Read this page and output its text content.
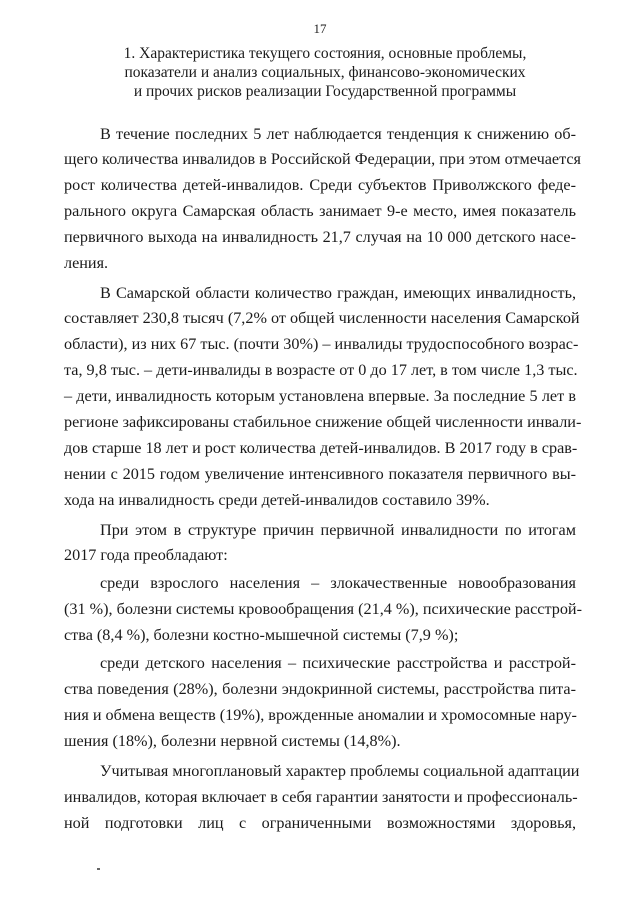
17
1. Характеристика текущего состояния, основные проблемы,
показатели и анализ социальных, финансово-экономических
и прочих рисков реализации Государственной программы
В течение последних 5 лет наблюдается тенденция к снижению об-
щего количества инвалидов в Российской Федерации, при этом отмечается
рост количества детей-инвалидов. Среди субъектов Приволжского феде-
рального округа Самарская область занимает 9-е место, имея показатель
первичного выхода на инвалидность 21,7 случая на 10 000 детского насе-
ления.
В Самарской области количество граждан, имеющих инвалидность,
составляет 230,8 тысяч (7,2% от общей численности населения Самарской
области), из них 67 тыс. (почти 30%) – инвалиды трудоспособного возрас-
та, 9,8 тыс. – дети-инвалиды в возрасте от 0 до 17 лет, в том числе 1,3 тыс.
– дети, инвалидность которым установлена впервые. За последние 5 лет в
регионе зафиксированы стабильное снижение общей численности инвали-
дов старше 18 лет и рост количества детей-инвалидов. В 2017 году в срав-
нении с 2015 годом увеличение интенсивного показателя первичного вы-
хода на инвалидность среди детей-инвалидов составило 39%.
При этом в структуре причин первичной инвалидности по итогам
2017 года преобладают:
среди взрослого населения – злокачественные новообразования
(31 %), болезни системы кровообращения (21,4 %), психические расстрой-
ства (8,4 %), болезни костно-мышечной системы (7,9 %);
среди детского населения – психические расстройства и расстрой-
ства поведения (28%), болезни эндокринной системы, расстройства пита-
ния и обмена веществ (19%), врожденные аномалии и хромосомные нару-
шения (18%), болезни нервной системы (14,8%).
Учитывая многоплановый характер проблемы социальной адаптации
инвалидов, которая включает в себя гарантии занятости и профессиональ-
ной подготовки лиц с ограниченными возможностями здоровья,
